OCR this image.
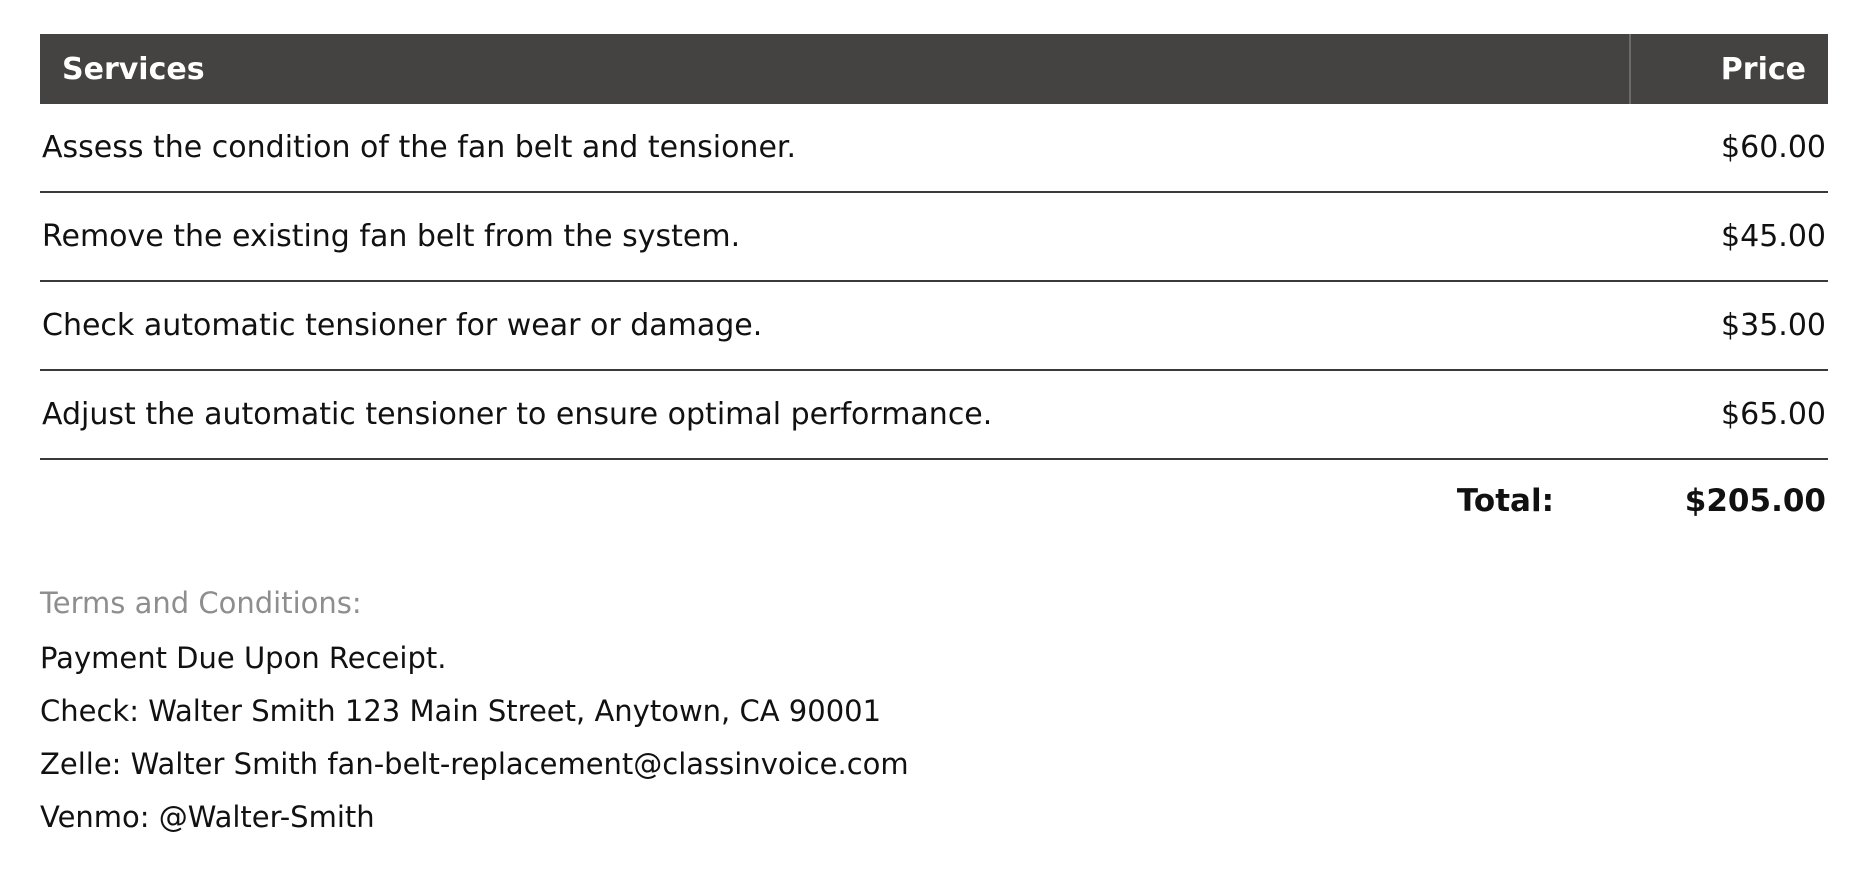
Services	Price
Assess the condition of the fan belt and tensioner.	$60.00
Remove the existing fan belt from the system.	$45.00
Check automatic tensioner for wear or damage.	$35.00
Adjust the automatic tensioner to ensure optimal performance.	$65.00
Total:	$205.00
Terms and Conditions:
Payment Due Upon Receipt.
Check: Walter Smith 123 Main Street, Anytown, CA 90001
Zelle: Walter Smith fan-belt-replacement@classinvoice.com
Venmo: @Walter-Smith
